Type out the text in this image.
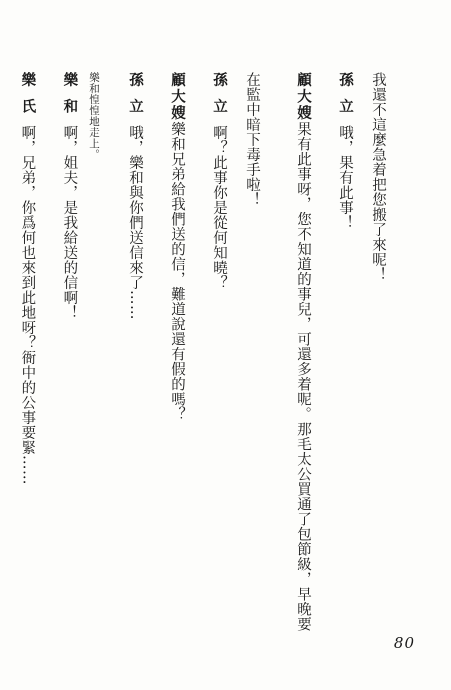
我還不這麼急着把您搬了來呢！
孫立哦，果有此事！
顧大嫂果有此事呀，您不知道的事兒，可還多着呢。那毛太公買通了包節級，早晚要
在監中暗下毒手啦！
孫立啊？此事你是從何知曉？
顧大嫂樂和兄弟給我們送的信，難道說還有假的嗎？
孫立哦，樂和與你們送信來了……
樂和惶惶地走上。
樂和啊，姐夫，是我給送的信啊！
樂氏啊，兄弟，你爲何也來到此地呀？衙中的公事要緊……
80
